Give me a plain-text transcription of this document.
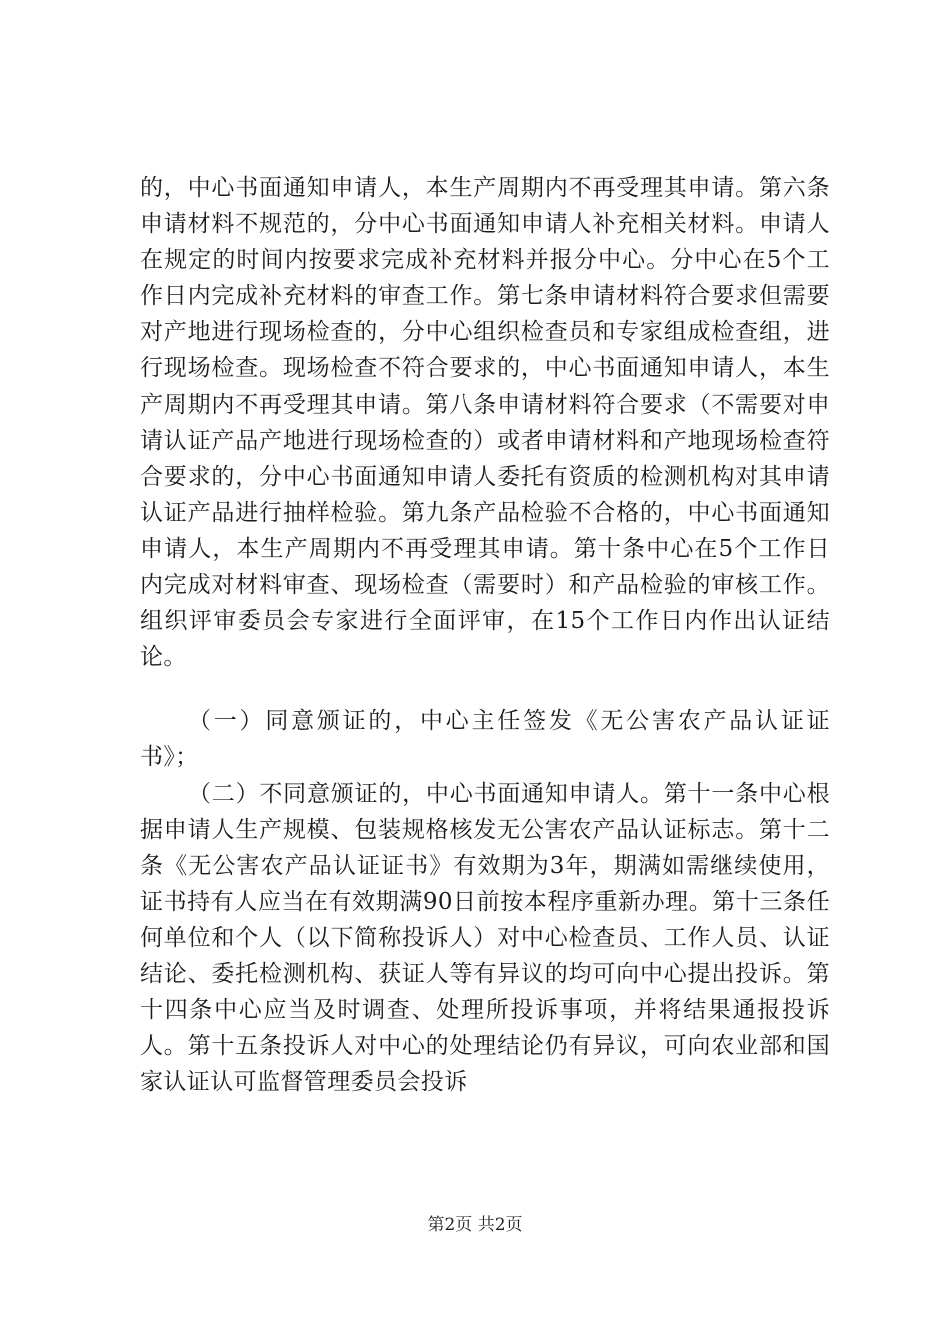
的，中心书面通知申请人，本生产周期内不再受理其申请。第六条申请材料不规范的，分中心书面通知申请人补充相关材料。申请人在规定的时间内按要求完成补充材料并报分中心。分中心在5个工作日内完成补充材料的审查工作。第七条申请材料符合要求但需要对产地进行现场检查的，分中心组织检查员和专家组成检查组，进行现场检查。现场检查不符合要求的，中心书面通知申请人，本生产周期内不再受理其申请。第八条申请材料符合要求（不需要对申请认证产品产地进行现场检查的）或者申请材料和产地现场检查符合要求的，分中心书面通知申请人委托有资质的检测机构对其申请认证产品进行抽样检验。第九条产品检验不合格的，中心书面通知申请人，本生产周期内不再受理其申请。第十条中心在5个工作日内完成对材料审查、现场检查（需要时）和产品检验的审核工作。组织评审委员会专家进行全面评审，在15个工作日内作出认证结论。

（一）同意颁证的，中心主任签发《无公害农产品认证证书》；

（二）不同意颁证的，中心书面通知申请人。第十一条中心根据申请人生产规模、包装规格核发无公害农产品认证标志。第十二条《无公害农产品认证证书》有效期为3年，期满如需继续使用，证书持有人应当在有效期满90日前按本程序重新办理。第十三条任何单位和个人（以下简称投诉人）对中心检查员、工作人员、认证结论、委托检测机构、获证人等有异议的均可向中心提出投诉。第十四条中心应当及时调查、处理所投诉事项，并将结果通报投诉人。第十五条投诉人对中心的处理结论仍有异议，可向农业部和国家认证认可监督管理委员会投诉

第2页 共2页
